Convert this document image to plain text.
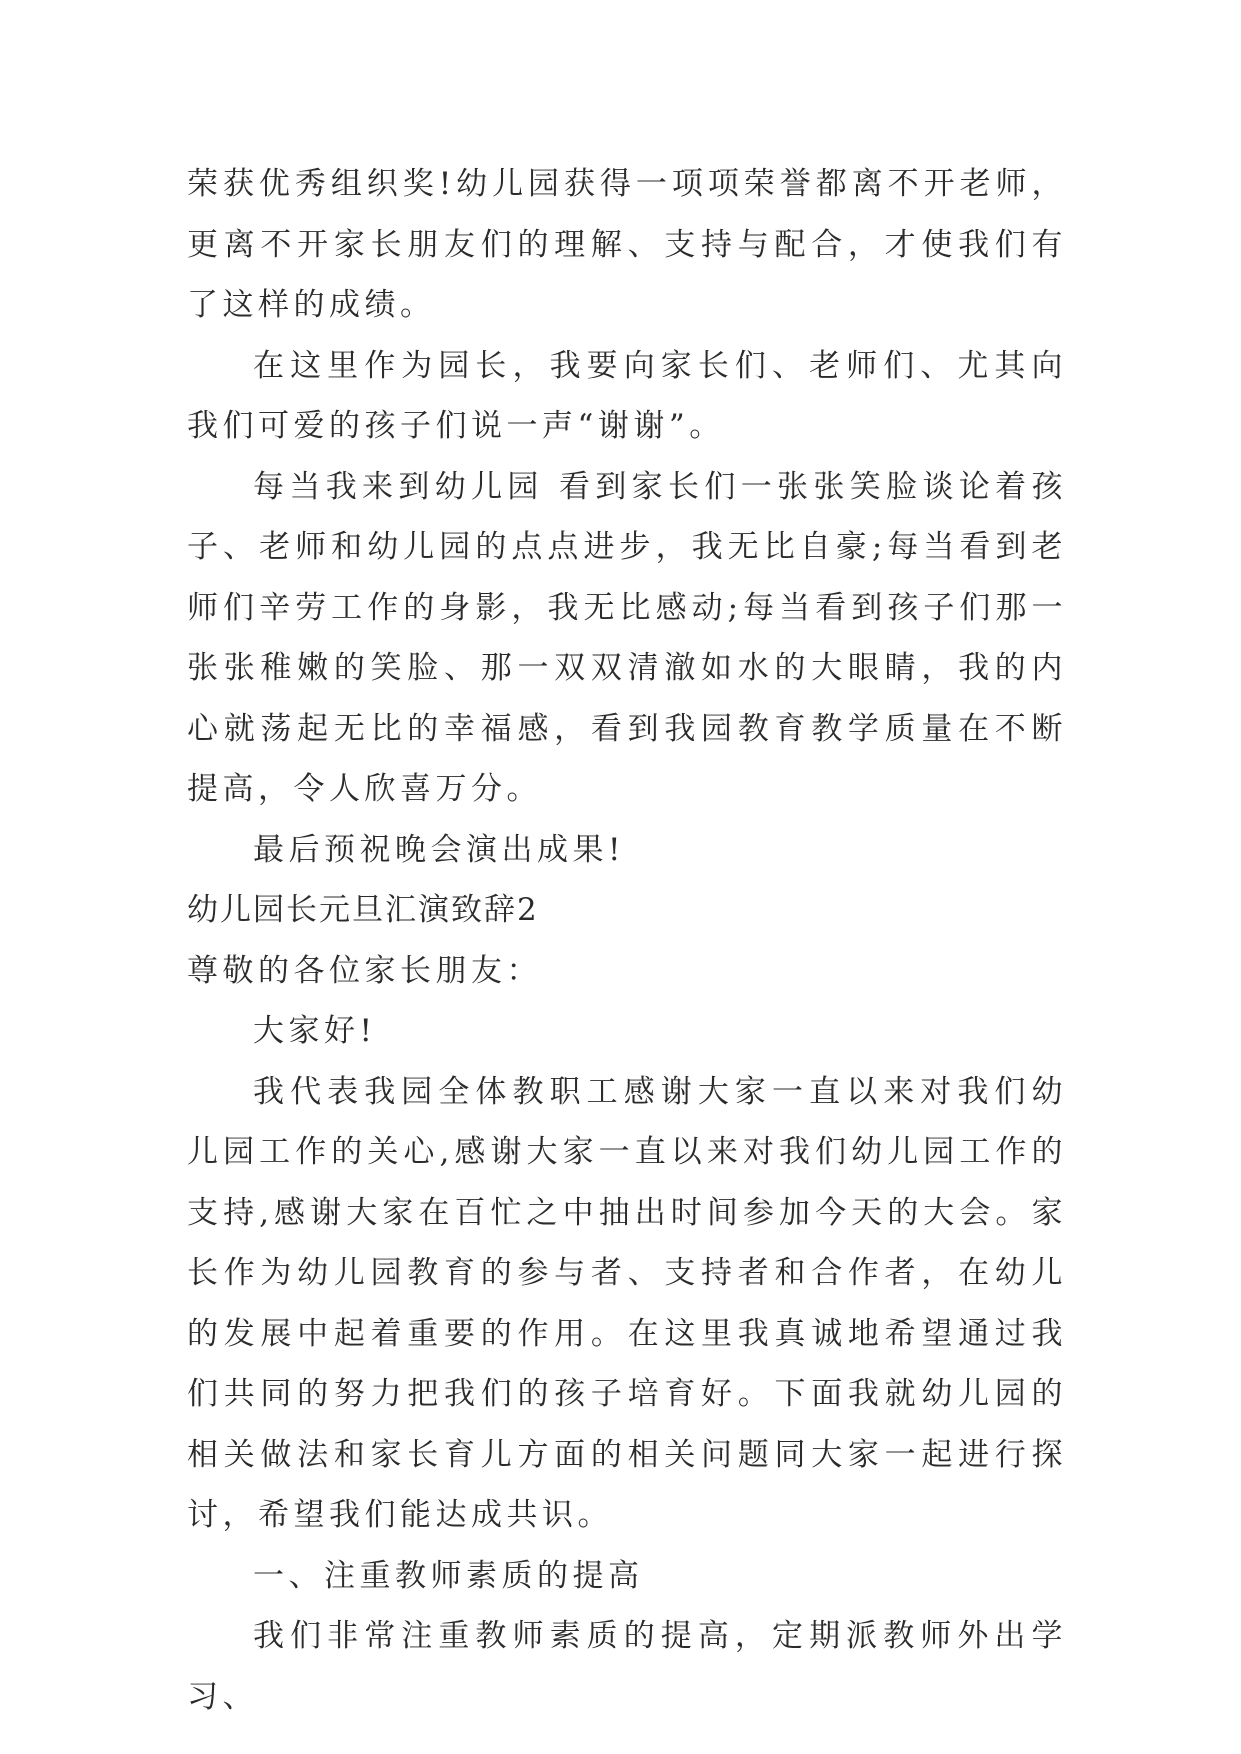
荣获优秀组织奖!幼儿园获得一项项荣誉都离不开老师，更离不开家长朋友们的理解、支持与配合，才使我们有了这样的成绩。

在这里作为园长，我要向家长们、老师们、尤其向我们可爱的孩子们说一声“谢谢”。

每当我来到幼儿园 看到家长们一张张笑脸谈论着孩子、老师和幼儿园的点点进步，我无比自豪;每当看到老师们辛劳工作的身影，我无比感动;每当看到孩子们那一张张稚嫩的笑脸、那一双双清澈如水的大眼睛，我的内心就荡起无比的幸福感，看到我园教育教学质量在不断提高，令人欣喜万分。

最后预祝晚会演出成果!

幼儿园长元旦汇演致辞2

尊敬的各位家长朋友：

大家好!

我代表我园全体教职工感谢大家一直以来对我们幼儿园工作的关心,感谢大家一直以来对我们幼儿园工作的支持,感谢大家在百忙之中抽出时间参加今天的大会。家长作为幼儿园教育的参与者、支持者和合作者，在幼儿的发展中起着重要的作用。在这里我真诚地希望通过我们共同的努力把我们的孩子培育好。下面我就幼儿园的相关做法和家长育儿方面的相关问题同大家一起进行探讨，希望我们能达成共识。

一、注重教师素质的提高

我们非常注重教师素质的提高，定期派教师外出学习、
